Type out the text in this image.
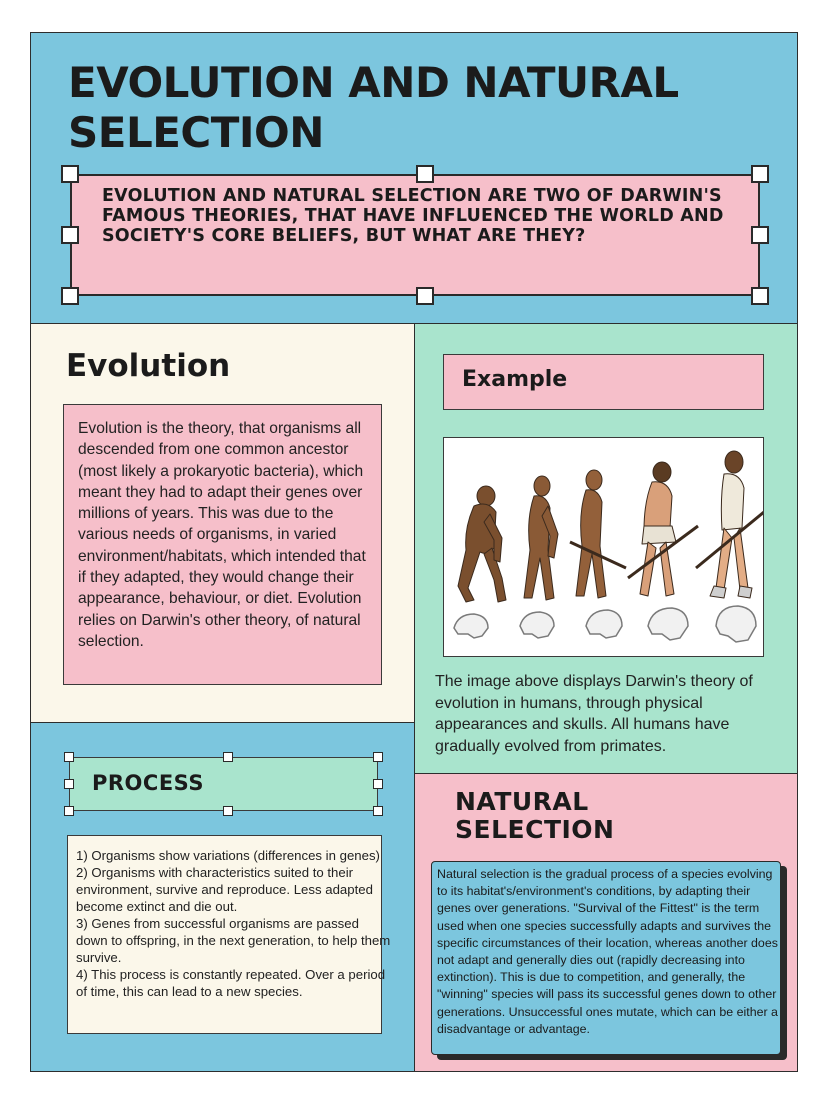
EVOLUTION AND NATURAL SELECTION
EVOLUTION AND NATURAL SELECTION ARE TWO OF DARWIN'S FAMOUS THEORIES, THAT HAVE INFLUENCED THE WORLD AND SOCIETY'S CORE BELIEFS, BUT WHAT ARE THEY?
Evolution
Evolution is the theory, that organisms all descended from one common ancestor (most likely a prokaryotic bacteria), which meant they had to adapt their genes over millions of years. This was due to the various needs of organisms, in varied environment/habitats, which intended that if they adapted, they would change their appearance, behaviour, or diet. Evolution relies on Darwin's other theory, of natural selection.
Example
The image above displays Darwin's theory of evolution in humans, through physical appearances and skulls. All humans have gradually evolved from primates.
PROCESS
1) Organisms show variations (differences in genes)
2) Organisms with characteristics suited to their environment, survive and reproduce. Less adapted become extinct and die out.
3) Genes from successful organisms are passed down to offspring, in the next generation, to help them survive.
4) This process is constantly repeated. Over a period of time, this can lead to a new species.
NATURAL SELECTION
Natural selection is the gradual process of a species evolving to its habitat's/environment's conditions, by adapting their genes over generations. "Survival of the Fittest" is the term used when one species successfully adapts and survives the specific circumstances of their location, whereas another does not adapt and generally dies out (rapidly decreasing into extinction). This is due to competition, and generally, the "winning" species will pass its successful genes down to other generations. Unsuccessful ones mutate, which can be either a disadvantage or advantage.
